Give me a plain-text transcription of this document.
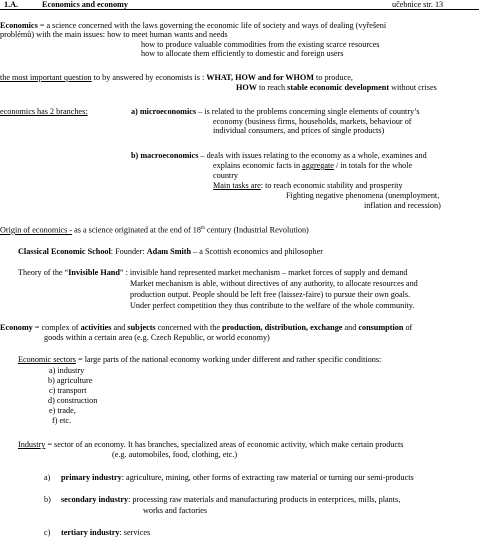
1.A.	Economics and economy	učebnice str. 13
Economics = a science concerned with the laws governing the economic life of society and ways of dealing (vyřešení
problémů) with the main issues: how to meet human wants and needs
how to produce valuable commodities from the existing scarce resources
how to allocate them efficiently to domestic and foreign users
the most important question to by answered by economists is : WHAT, HOW and for WHOM to produce,
HOW to reach stable economic development without crises
economics has 2 branches:	a) microeconomics – is related to the problems concerning single elements of country’s
economy (business firms, households, markets, behaviour of
individual consumers, and prices of single products)
b) macroeconomics – deals with issues relating to the economy as a whole, examines and
explains economic facts in aggregate / in totals for the whole
country
Main tasks are: to reach economic stability and prosperity
Fighting negative phenomena (unemployment,
inflation and recession)
Origin of economics - as a science originated at the end of 18th century (Industrial Revolution)
Classical Economic School: Founder: Adam Smith – a Scottish economics and philosopher
Theory of the “Invisible Hand” : invisible hand represented market mechanism – market forces of supply and demand
Market mechanism is able, without directives of any authority, to allocate resources and
production output. People should be left free (laissez-faire) to pursue their own goals.
Under perfect competition they thus contribute to the welfare of the whole community.
Economy = complex of activities and subjects concerned with the production, distribution, exchange and consumption of
goods within a certain area (e.g. Czech Republic, or world economy)
Economic sectors = large parts of the national economy working under different and rather specific conditions:
a) industry
b) agriculture
c) transport
d) construction
e) trade,
f) etc.
Industry = sector of an economy. It has branches, specialized areas of economic activity, which make certain products
(e.g. automobiles, food, clothing, etc.)
a) primary industry: agriculture, mining, other forms of extracting raw material or turning our semi-products
b) secondary industry: processing raw materials and manufacturing products in enterprices, mills, plants,
works and factories
c) tertiary industry: services
